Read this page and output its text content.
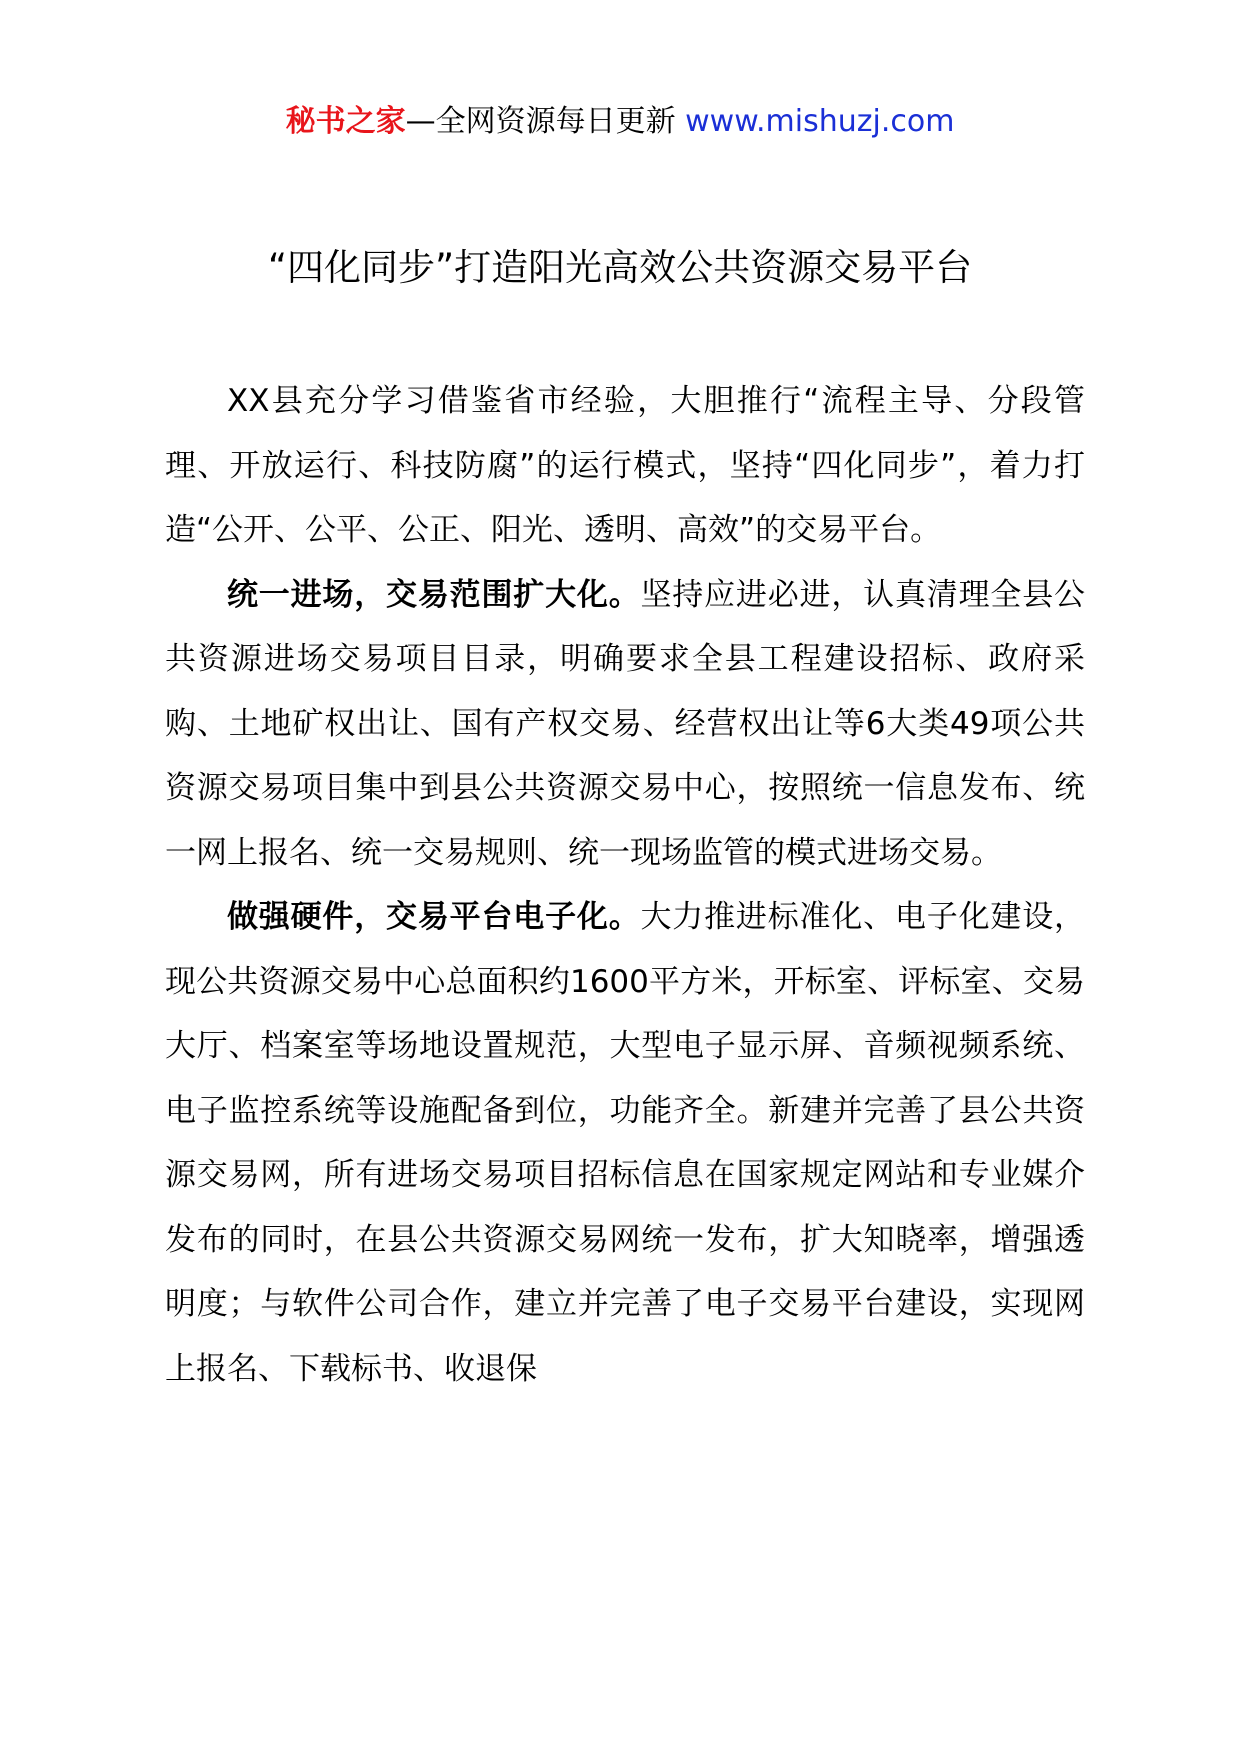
秘书之家—全网资源每日更新 www.mishuzj.com
“四化同步”打造阳光高效公共资源交易平台

XX县充分学习借鉴省市经验，大胆推行“流程主导、分段管理、开放运行、科技防腐”的运行模式，坚持“四化同步”，着力打造“公开、公平、公正、阳光、透明、高效”的交易平台。

统一进场，交易范围扩大化。坚持应进必进，认真清理全县公共资源进场交易项目目录，明确要求全县工程建设招标、政府采购、土地矿权出让、国有产权交易、经营权出让等6大类49项公共资源交易项目集中到县公共资源交易中心，按照统一信息发布、统一网上报名、统一交易规则、统一现场监管的模式进场交易。

做强硬件，交易平台电子化。大力推进标准化、电子化建设，现公共资源交易中心总面积约1600平方米，开标室、评标室、交易大厅、档案室等场地设置规范，大型电子显示屏、音频视频系统、电子监控系统等设施配备到位，功能齐全。新建并完善了县公共资源交易网，所有进场交易项目招标信息在国家规定网站和专业媒介发布的同时，在县公共资源交易网统一发布，扩大知晓率，增强透明度；与软件公司合作，建立并完善了电子交易平台建设，实现网上报名、下载标书、收退保
